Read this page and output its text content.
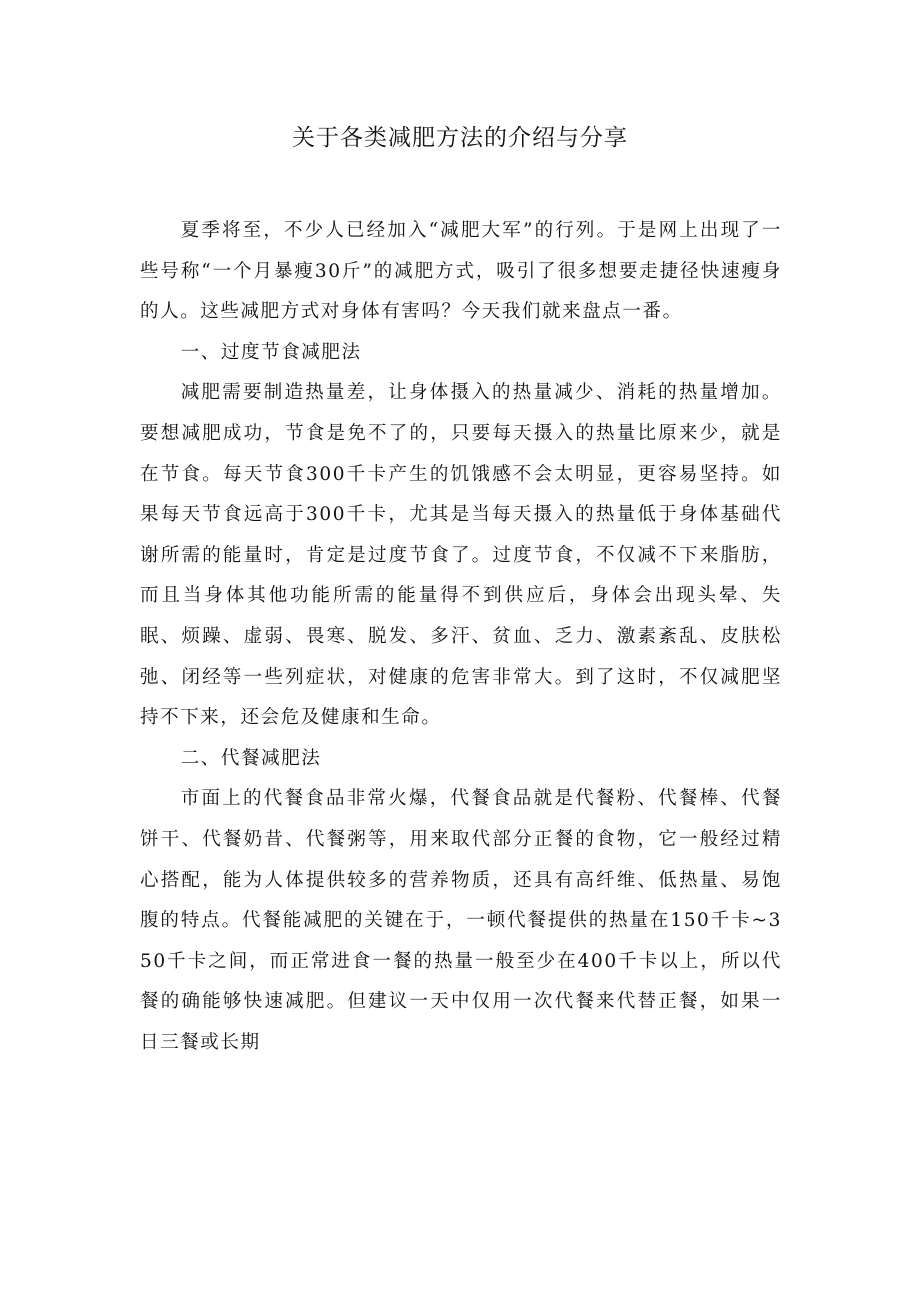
关于各类减肥方法的介绍与分享

夏季将至，不少人已经加入“减肥大军”的行列。于是网上出现了一些号称“一个月暴瘦30斤”的减肥方式，吸引了很多想要走捷径快速瘦身的人。这些减肥方式对身体有害吗？今天我们就来盘点一番。

一、过度节食减肥法

减肥需要制造热量差，让身体摄入的热量减少、消耗的热量增加。要想减肥成功，节食是免不了的，只要每天摄入的热量比原来少，就是在节食。每天节食300千卡产生的饥饿感不会太明显，更容易坚持。如果每天节食远高于300千卡，尤其是当每天摄入的热量低于身体基础代谢所需的能量时，肯定是过度节食了。过度节食，不仅减不下来脂肪，而且当身体其他功能所需的能量得不到供应后，身体会出现头晕、失眠、烦躁、虚弱、畏寒、脱发、多汗、贫血、乏力、激素紊乱、皮肤松弛、闭经等一些列症状，对健康的危害非常大。到了这时，不仅减肥坚持不下来，还会危及健康和生命。

二、代餐减肥法

市面上的代餐食品非常火爆，代餐食品就是代餐粉、代餐棒、代餐饼干、代餐奶昔、代餐粥等，用来取代部分正餐的食物，它一般经过精心搭配，能为人体提供较多的营养物质，还具有高纤维、低热量、易饱腹的特点。代餐能减肥的关键在于，一顿代餐提供的热量在150千卡~350千卡之间，而正常进食一餐的热量一般至少在400千卡以上，所以代餐的确能够快速减肥。但建议一天中仅用一次代餐来代替正餐，如果一日三餐或长期
